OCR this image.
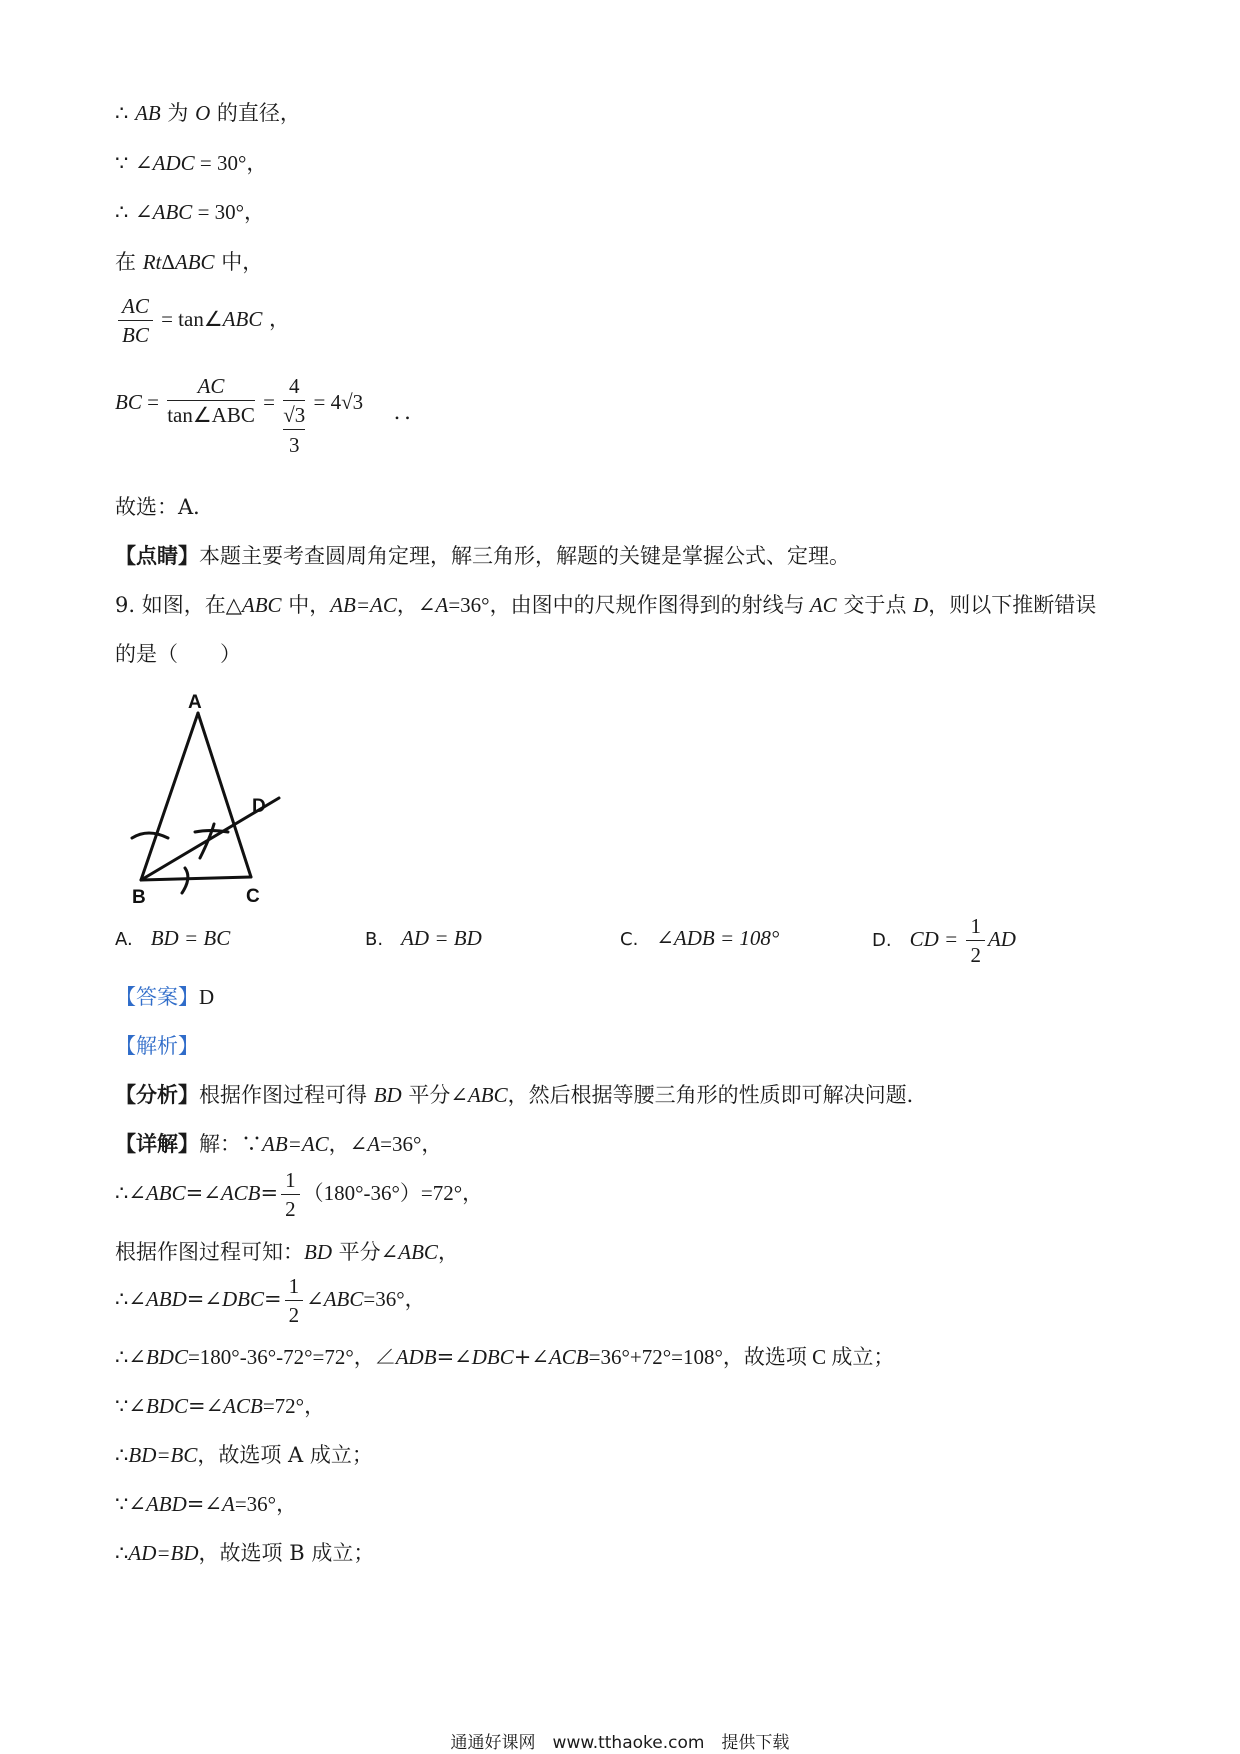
∴ AB 为 O 的直径，
∵ ∠ADC = 30°，
∴ ∠ABC = 30°，
在 RtΔABC 中，
$\frac{AC}{BC}$ = tan∠ABC ，
BC = $\frac{AC}{\text{tan∠ABC}} = 4$
√3
3 = 4√3 ．．
故选：A．
【点睛】本题主要考查圆周角定理，解三角形，解题的关键是掌握公式、定理。
9. 如图，在△ABC 中，AB=AC，∠A=36°，由图中的尺规作图得到的射线与 AC 交于点 D，则以下推断错误
的是（　　）
A
B	C
D
A. BD = BC	B. AD = BD	C. ∠ADB = 108°	D. CD = $\frac{1}{2}$ AD
【答案】D
【解析】
【分析】根据作图过程可得 BD 平分∠ABC，然后根据等腰三角形的性质即可解决问题．
【详解】解：∵AB=AC，∠A=36°，
∴∠ABC=∠ACB= $\frac{1}{2} (180^\circ-36^\circ)=72^\circ$，
根据作图过程可知：BD 平分∠ABC，
∴∠ABD=∠DBC= $\frac{1}{2}$ ∠ABC=36°，
∴∠BDC=180°-36°-72°=72°，∠ADB=∠DBC+∠ACB=36°+72°=108°，故选项 C 成立；
∵∠BDC=∠ACB=72°，
∴BD=BC，故选项 A 成立；
∵∠ABD=∠A=36°，
∴AD=BD，故选项 B 成立；
通通好课网　www.tthaoke.com　提供下载
